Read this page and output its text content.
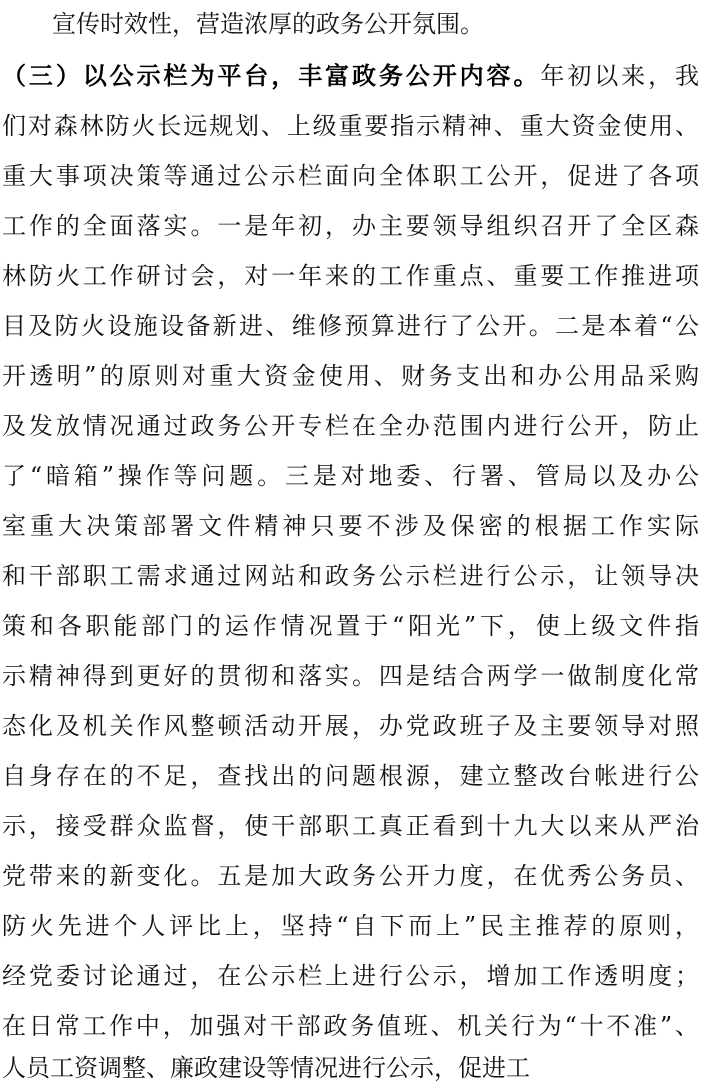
宣传时效性，营造浓厚的政务公开氛围。
（三）以公示栏为平台，丰富政务公开内容。年初以来，我
们对森林防火长远规划、上级重要指示精神、重大资金使用、
重大事项决策等通过公示栏面向全体职工公开，促进了各项
工作的全面落实。一是年初，办主要领导组织召开了全区森
林防火工作研讨会，对一年来的工作重点、重要工作推进项
目及防火设施设备新进、维修预算进行了公开。二是本着“公
开透明”的原则对重大资金使用、财务支出和办公用品采购
及发放情况通过政务公开专栏在全办范围内进行公开，防止
了“暗箱”操作等问题。三是对地委、行署、管局以及办公
室重大决策部署文件精神只要不涉及保密的根据工作实际
和干部职工需求通过网站和政务公示栏进行公示，让领导决
策和各职能部门的运作情况置于“阳光”下，使上级文件指
示精神得到更好的贯彻和落实。四是结合两学一做制度化常
态化及机关作风整顿活动开展，办党政班子及主要领导对照
自身存在的不足，查找出的问题根源，建立整改台帐进行公
示，接受群众监督，使干部职工真正看到十九大以来从严治
党带来的新变化。五是加大政务公开力度，在优秀公务员、
防火先进个人评比上，坚持“自下而上”民主推荐的原则，
经党委讨论通过，在公示栏上进行公示，增加工作透明度；
在日常工作中，加强对干部政务值班、机关行为“十不准”、
人员工资调整、廉政建设等情况进行公示，促进工
